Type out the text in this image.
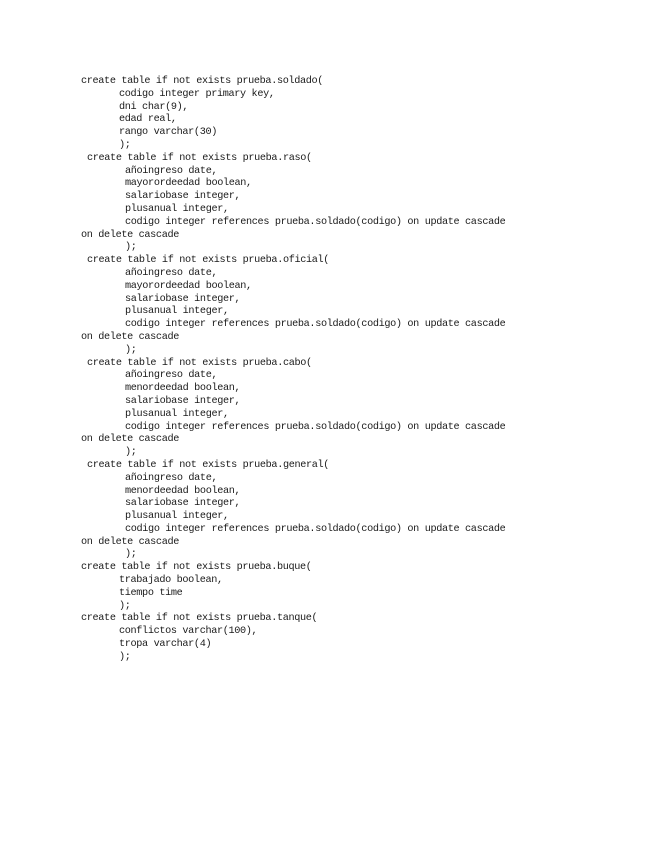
create table if not exists prueba.soldado(
codigo integer primary key,
dni char(9),
edad real,
rango varchar(30)
);
create table if not exists prueba.raso(
añoingreso date,
mayorordeedad boolean,
salariobase integer,
plusanual integer,
codigo integer references prueba.soldado(codigo) on update cascade
on delete cascade
);
create table if not exists prueba.oficial(
añoingreso date,
mayorordeedad boolean,
salariobase integer,
plusanual integer,
codigo integer references prueba.soldado(codigo) on update cascade
on delete cascade
);
create table if not exists prueba.cabo(
añoingreso date,
menordeedad boolean,
salariobase integer,
plusanual integer,
codigo integer references prueba.soldado(codigo) on update cascade
on delete cascade
);
create table if not exists prueba.general(
añoingreso date,
menordeedad boolean,
salariobase integer,
plusanual integer,
codigo integer references prueba.soldado(codigo) on update cascade
on delete cascade
);
create table if not exists prueba.buque(
trabajado boolean,
tiempo time
);
create table if not exists prueba.tanque(
conflictos varchar(100),
tropa varchar(4)
);
